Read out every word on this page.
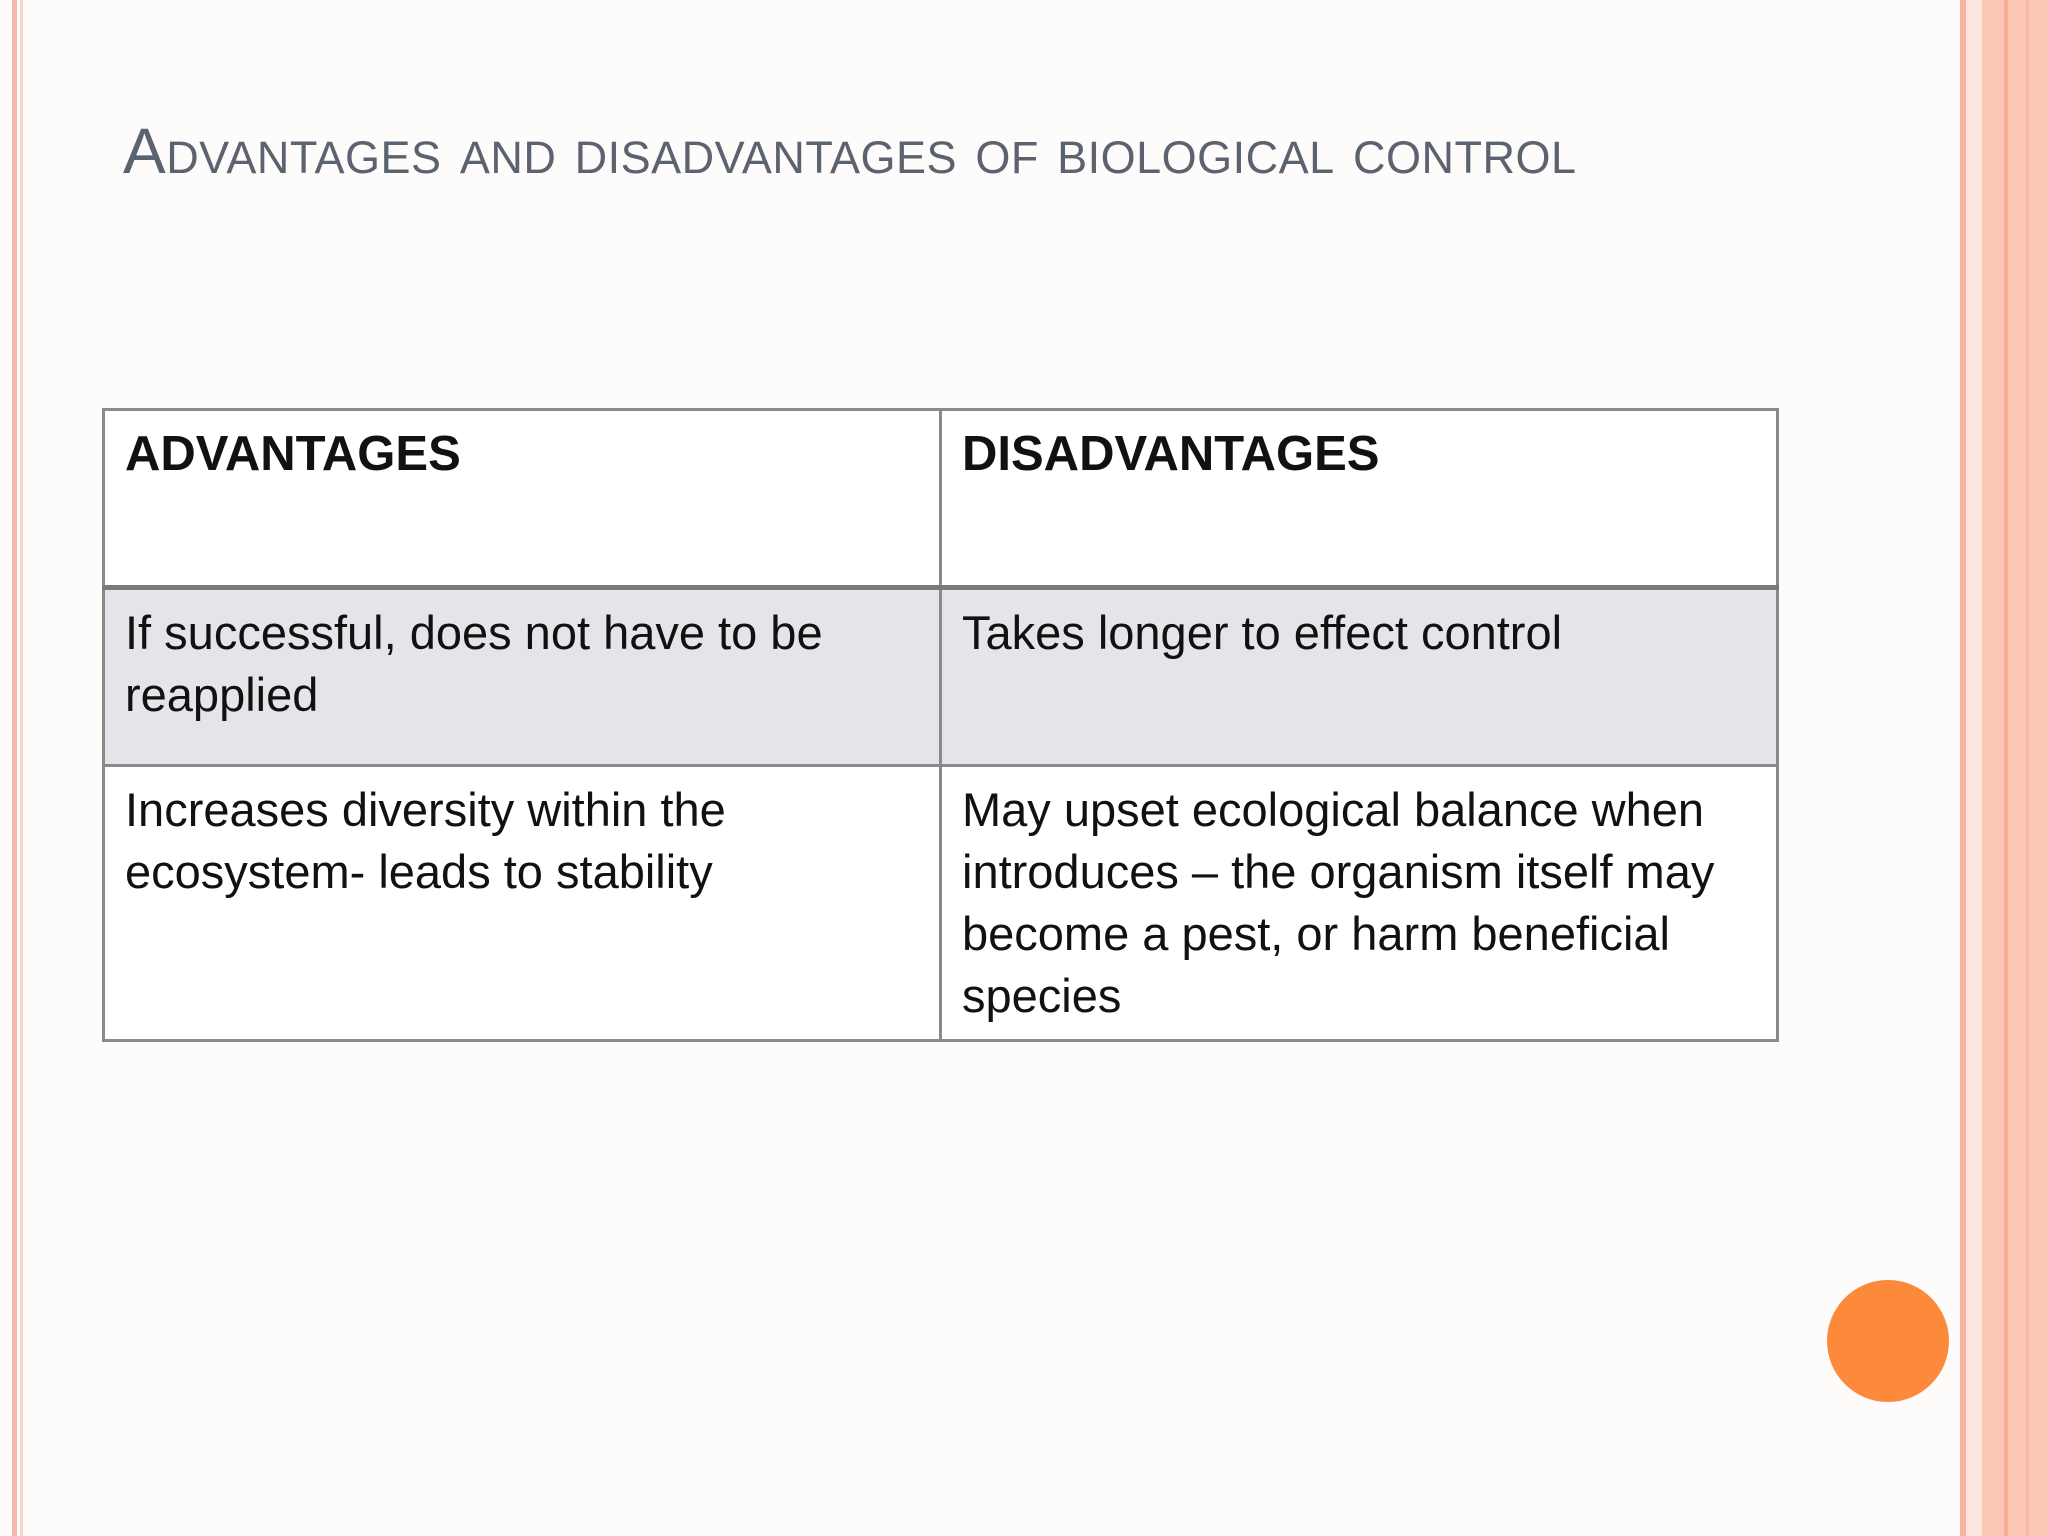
Advantages and disadvantages of biological control
ADVANTAGES	DISADVANTAGES
If successful, does not have to be reapplied	Takes longer to effect control
Increases diversity within the ecosystem- leads to stability	May upset ecological balance when introduces – the organism itself may become a pest, or harm beneficial species
